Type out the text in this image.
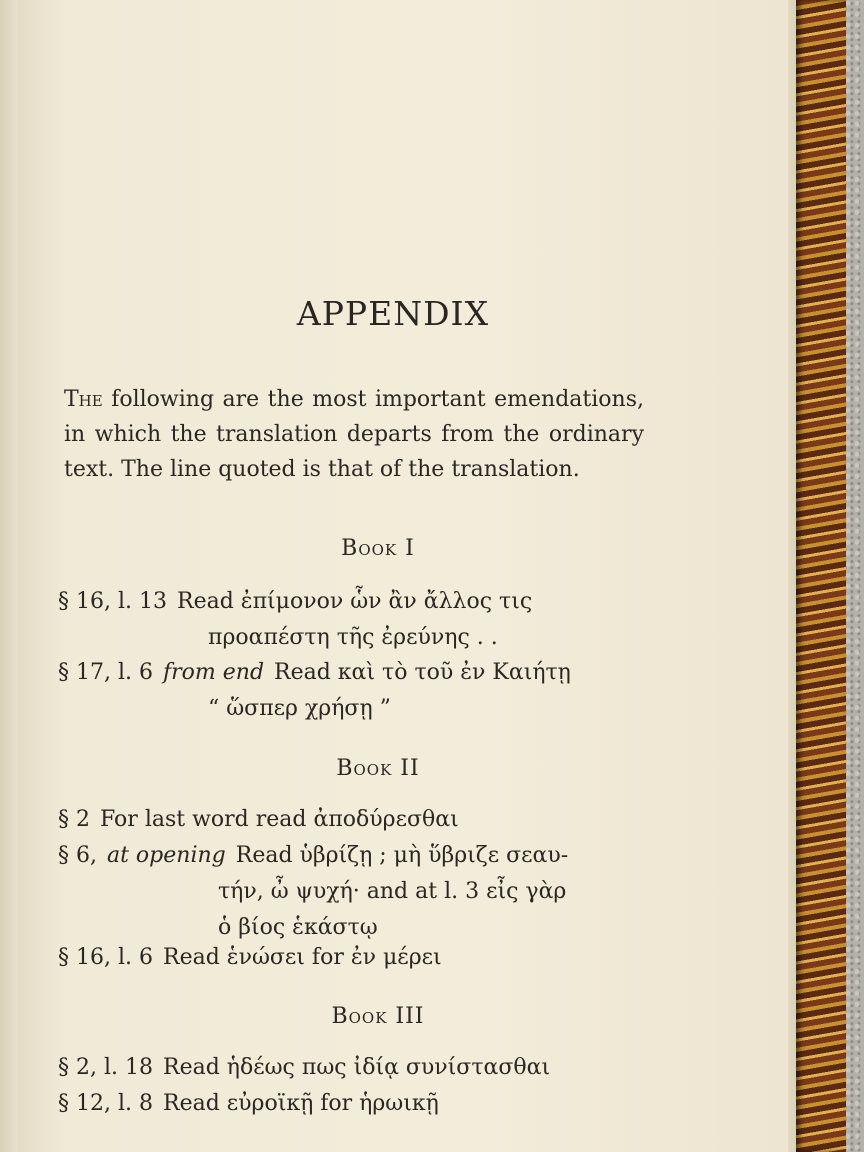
APPENDIX
The following are the most important emendations, in which the translation departs from the ordinary text. The line quoted is that of the translation.
Book I
§ 16, l. 13 Read ἐπίμονον ὧν ἂν ἄλλος τις
προαπέστη τῆς ἐρεύνης . .
§ 17, l. 6 from end Read καὶ τὸ τοῦ ἐν Καιήτῃ
“ ὥσπερ χρήσῃ ”
Book II
§ 2 For last word read ἀποδύρεσθαι
§ 6, at opening Read ὑβρίζῃ ; μὴ ὕβριζε σεαυ-
τήν, ὦ ψυχή· and at l. 3 εἶς γὰρ
ὁ βίος ἑκάστῳ
§ 16, l. 6 Read ἑνώσει for ἐν μέρει
Book III
§ 2, l. 18 Read ἡδέως πως ἰδίᾳ συνίστασθαι
§ 12, l. 8 Read εὐροϊκῇ for ἡρωικῇ
